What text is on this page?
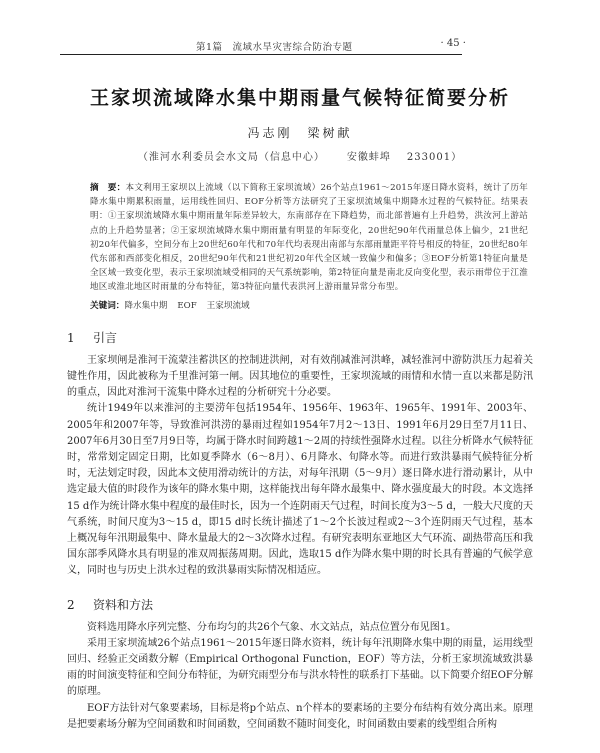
第1篇　流域水旱灾害综合防治专题	· 45 ·
王家坝流域降水集中期雨量气候特征简要分析
冯志刚　梁树献
（淮河水利委员会水文局（信息中心） 安徽蚌埠 233001）
摘　要：本文利用王家坝以上流域（以下简称王家坝流域）26个站点1961～2015年逐日降水资料，统计了历年降水集中期累积雨量，运用线性回归、EOF分析等方法研究了王家坝流域集中期降水过程的气候特征。结果表明：①王家坝流域降水集中期雨量年际差异较大，东南部存在下降趋势，而北部普遍有上升趋势，洪汝河上游站点的上升趋势显著；②王家坝流域降水集中期雨量有明显的年际变化，20世纪90年代雨量总体上偏少，21世纪初20年代偏多，空间分布上20世纪60年代和70年代均表现出南部与东部雨量距平符号相反的特征，20世纪80年代东部和西部变化相反，20世纪90年代和21世纪初20年代全区域一致偏少和偏多；③EOF分析第1特征向量是全区域一致变化型，表示王家坝流域受相同的天气系统影响，第2特征向量是南北反向变化型，表示雨带位于江淮地区或淮北地区时雨量的分布特征，第3特征向量代表洪河上游雨量异常分布型。
关键词：降水集中期 EOF 王家坝流域
1 引言

王家坝闸是淮河干流蒙洼蓄洪区的控制进洪闸，对有效削减淮河洪峰，减轻淮河中游防洪压力起着关键性作用，因此被称为千里淮河第一闸。因其地位的重要性，王家坝流域的雨情和水情一直以来都是防汛的重点，因此对淮河干流集中降水过程的分析研究十分必要。

统计1949年以来淮河的主要涝年包括1954年、1956年、1963年、1965年、1991年、2003年、2005年和2007年等，导致淮河洪涝的暴雨过程如1954年7月2～13日、1991年6月29日至7月11日、2007年6月30日至7月9日等，均属于降水时间跨越1～2周的持续性强降水过程。以往分析降水气候特征时，常常划定固定日期，比如夏季降水（6～8月）、6月降水、旬降水等。而进行致洪暴雨气候特征分析时，无法划定时段，因此本文使用滑动统计的方法，对每年汛期（5～9月）逐日降水进行滑动累计，从中选定最大值的时段作为该年的降水集中期，这样能找出每年降水最集中、降水强度最大的时段。本文选择15 d作为统计降水集中程度的最佳时长，因为一个连阴雨天气过程，时间长度为3～5 d，一般大尺度的天气系统，时间尺度为3～15 d，即15 d时长统计描述了1～2个长波过程或2～3个连阴雨天气过程，基本上概况每年汛期最集中、降水量最大的2～3次降水过程。有研究表明东亚地区大气环流、副热带高压和我国东部季风降水具有明显的准双周振荡周期。因此，选取15 d作为降水集中期的时长具有普遍的气候学意义，同时也与历史上洪水过程的致洪暴雨实际情况相适应。

2 资料和方法

资料选用降水序列完整、分布均匀的共26个气象、水文站点，站点位置分布见图1。

采用王家坝流域26个站点1961～2015年逐日降水资料，统计每年汛期降水集中期的雨量，运用线型回归、经验正交函数分解（Empirical Orthogonal Function，EOF）等方法，分析王家坝流域致洪暴雨的时间演变特征和空间分布特征，为研究雨型分布与洪水特性的联系打下基础。以下简要介绍EOF分解的原理。

EOF方法针对气象要素场，目标是将p个站点、n个样本的要素场的主要分布结构有效分离出来。原理是把要素场分解为空间函数和时间函数，空间函数不随时间变化，时间函数由要素的线型组合所构
